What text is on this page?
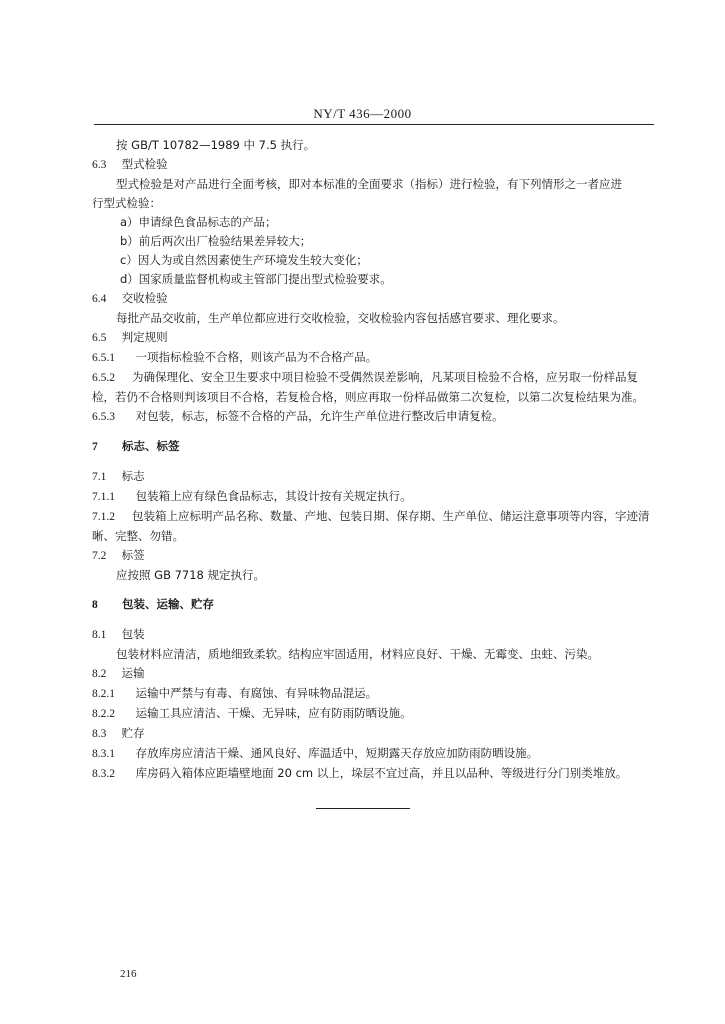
NY/T 436—2000
按 GB/T 10782—1989 中 7.5 执行。
6.3 型式检验
型式检验是对产品进行全面考核，即对本标准的全面要求（指标）进行检验，有下列情形之一者应进
行型式检验：
a）申请绿色食品标志的产品；
b）前后两次出厂检验结果差异较大；
c）因人为或自然因素使生产环境发生较大变化；
d）国家质量监督机构或主管部门提出型式检验要求。
6.4 交收检验
每批产品交收前，生产单位都应进行交收检验，交收检验内容包括感官要求、理化要求。
6.5 判定规则
6.5.1 一项指标检验不合格，则该产品为不合格产品。
6.5.2 为确保理化、安全卫生要求中项目检验不受偶然误差影响，凡某项目检验不合格，应另取一份样品复检，若仍不合格则判该项目不合格，若复检合格，则应再取一份样品做第二次复检，以第二次复检结果为准。
6.5.3 对包装，标志，标签不合格的产品，允许生产单位进行整改后申请复检。
7 标志、标签
7.1 标志
7.1.1 包装箱上应有绿色食品标志，其设计按有关规定执行。
7.1.2 包装箱上应标明产品名称、数量、产地、包装日期、保存期、生产单位、储运注意事项等内容，字迹清晰、完整、勿错。
7.2 标签
应按照 GB 7718 规定执行。
8 包装、运输、贮存
8.1 包装
包装材料应清洁，质地细致柔软。结构应牢固适用，材料应良好、干燥、无霉变、虫蛀、污染。
8.2 运输
8.2.1 运输中严禁与有毒、有腐蚀、有异味物品混运。
8.2.2 运输工具应清洁、干燥、无异味，应有防雨防晒设施。
8.3 贮存
8.3.1 存放库房应清洁干燥、通风良好、库温适中，短期露天存放应加防雨防晒设施。
8.3.2 库房码入箱体应距墙壁地面 20 cm 以上，垛层不宜过高，并且以品种、等级进行分门别类堆放。
216
